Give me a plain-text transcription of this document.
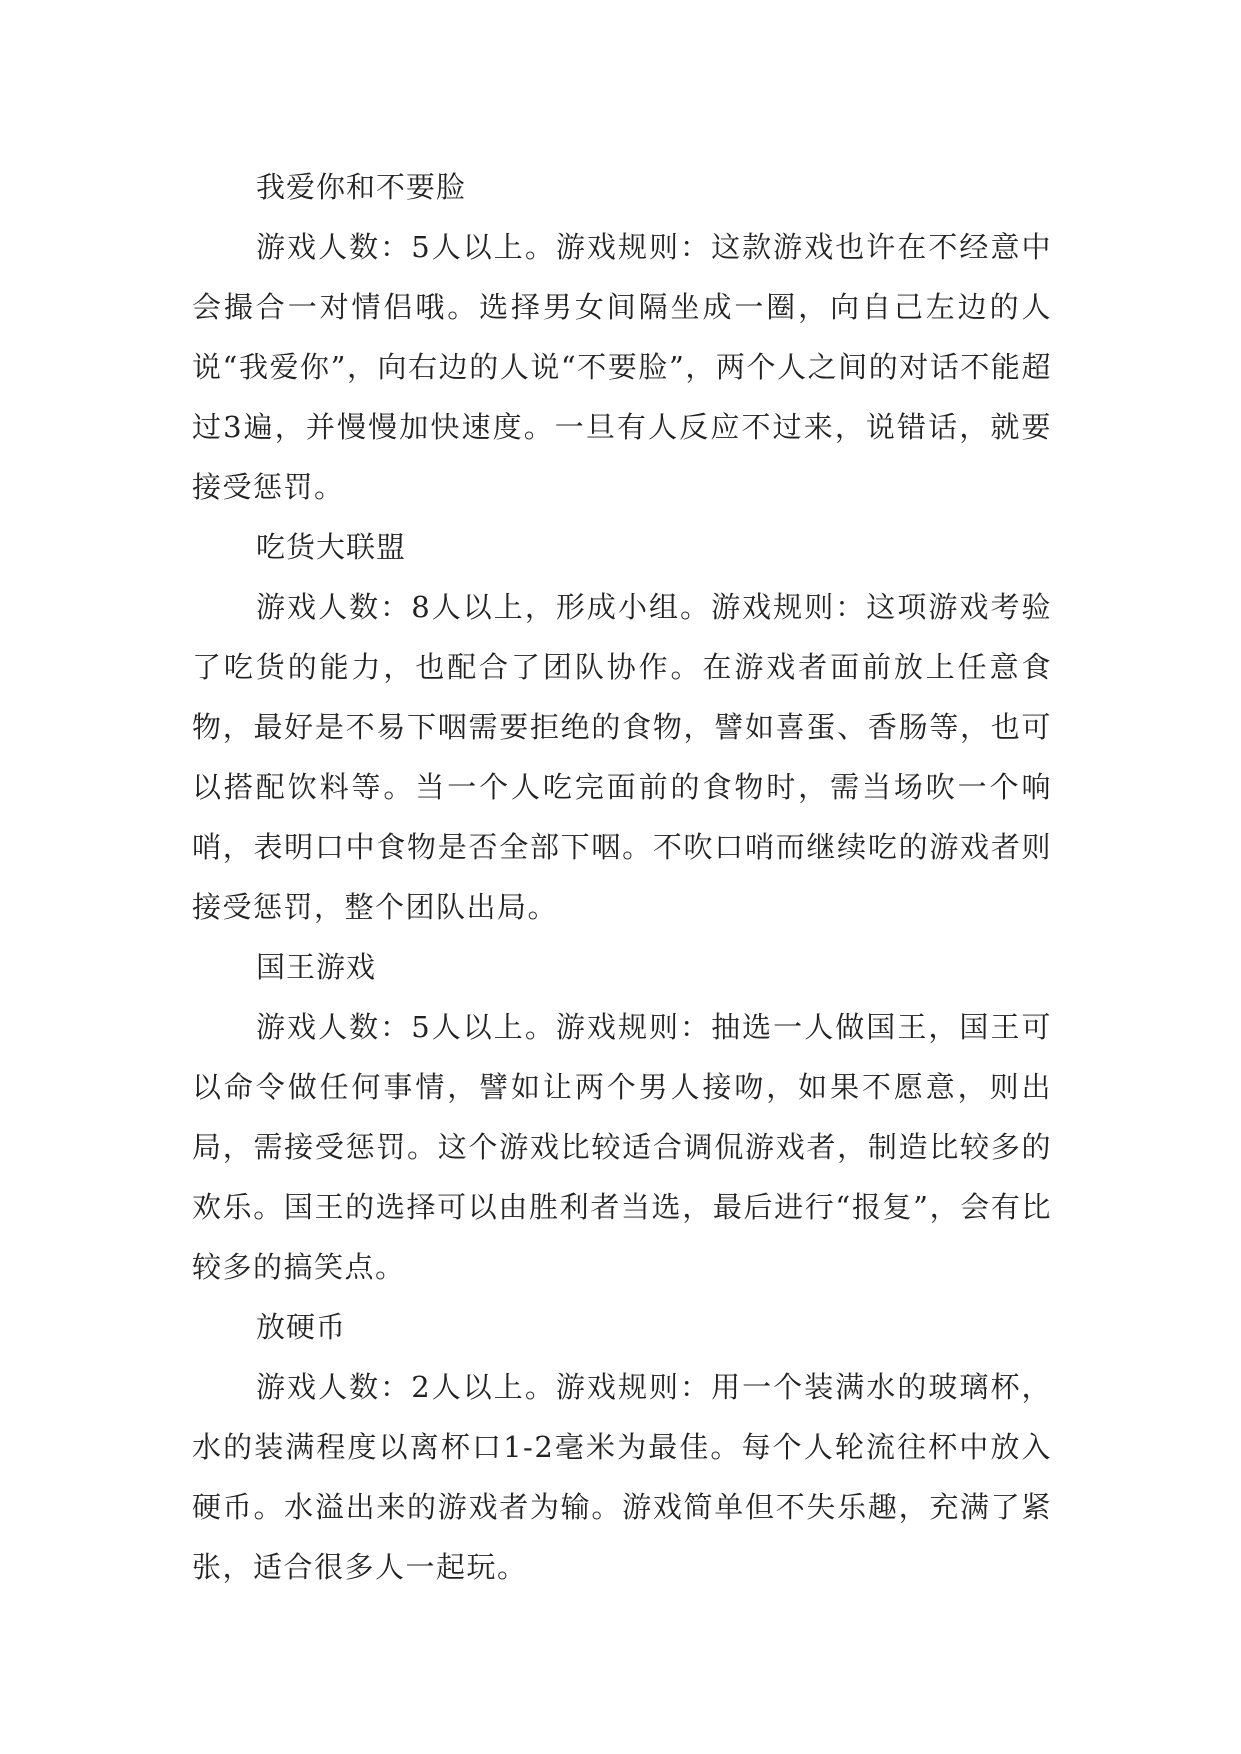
我爱你和不要脸

游戏人数：5人以上。游戏规则：这款游戏也许在不经意中会撮合一对情侣哦。选择男女间隔坐成一圈，向自己左边的人说“我爱你”，向右边的人说“不要脸”，两个人之间的对话不能超过3遍，并慢慢加快速度。一旦有人反应不过来，说错话，就要接受惩罚。

吃货大联盟

游戏人数：8人以上，形成小组。游戏规则：这项游戏考验了吃货的能力，也配合了团队协作。在游戏者面前放上任意食物，最好是不易下咽需要拒绝的食物，譬如喜蛋、香肠等，也可以搭配饮料等。当一个人吃完面前的食物时，需当场吹一个响哨，表明口中食物是否全部下咽。不吹口哨而继续吃的游戏者则接受惩罚，整个团队出局。

国王游戏

游戏人数：5人以上。游戏规则：抽选一人做国王，国王可以命令做任何事情，譬如让两个男人接吻，如果不愿意，则出局，需接受惩罚。这个游戏比较适合调侃游戏者，制造比较多的欢乐。国王的选择可以由胜利者当选，最后进行“报复”，会有比较多的搞笑点。

放硬币

游戏人数：2人以上。游戏规则：用一个装满水的玻璃杯，水的装满程度以离杯口1-2毫米为最佳。每个人轮流往杯中放入硬币。水溢出来的游戏者为输。游戏简单但不失乐趣，充满了紧张，适合很多人一起玩。
